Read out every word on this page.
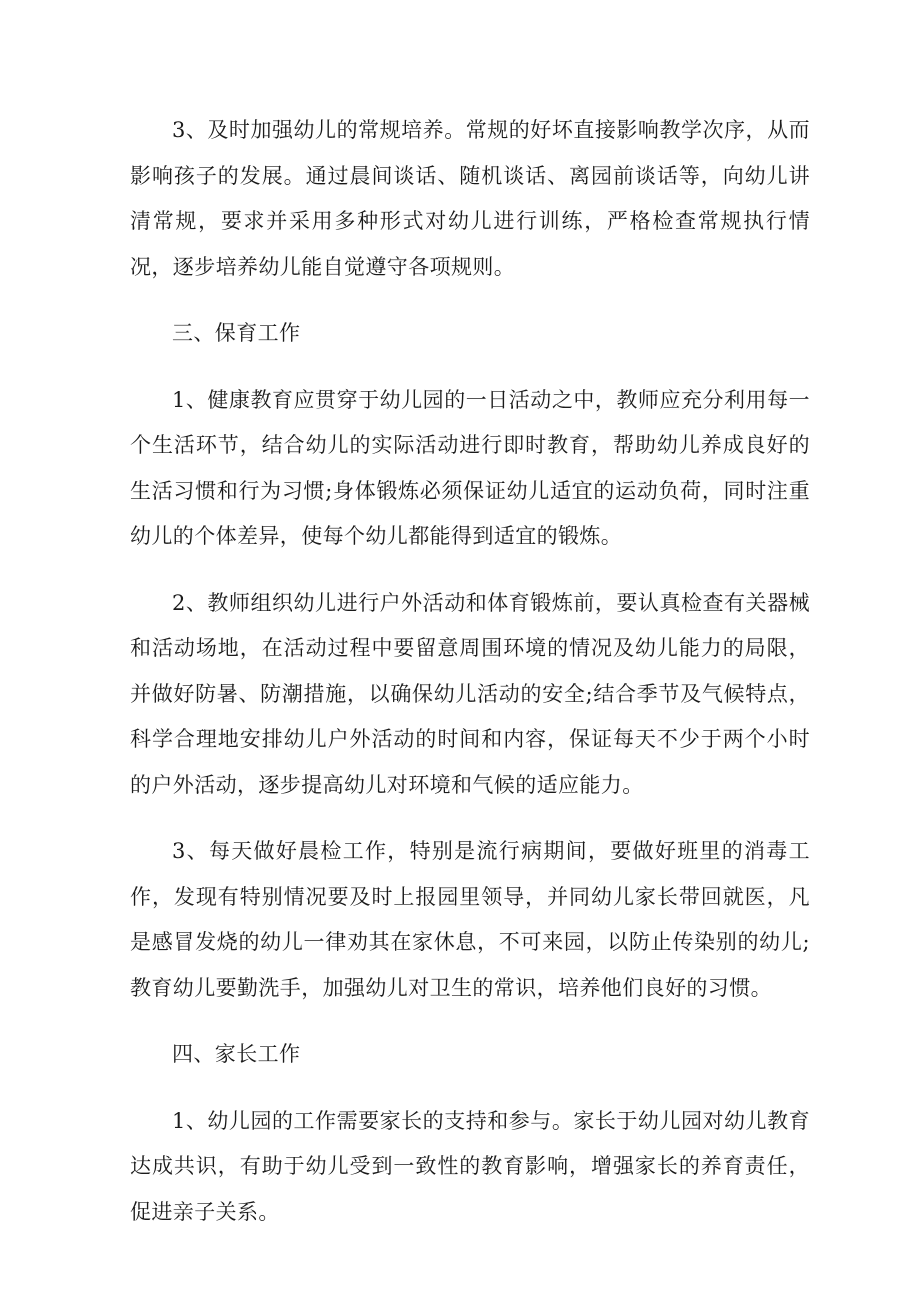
3、及时加强幼儿的常规培养。常规的好坏直接影响教学次序，从而影响孩子的发展。通过晨间谈话、随机谈话、离园前谈话等，向幼儿讲清常规，要求并采用多种形式对幼儿进行训练，严格检查常规执行情况，逐步培养幼儿能自觉遵守各项规则。

三、保育工作

1、健康教育应贯穿于幼儿园的一日活动之中，教师应充分利用每一个生活环节，结合幼儿的实际活动进行即时教育，帮助幼儿养成良好的生活习惯和行为习惯;身体锻炼必须保证幼儿适宜的运动负荷，同时注重幼儿的个体差异，使每个幼儿都能得到适宜的锻炼。

2、教师组织幼儿进行户外活动和体育锻炼前，要认真检查有关器械和活动场地，在活动过程中要留意周围环境的情况及幼儿能力的局限，并做好防暑、防潮措施，以确保幼儿活动的安全;结合季节及气候特点，科学合理地安排幼儿户外活动的时间和内容，保证每天不少于两个小时的户外活动，逐步提高幼儿对环境和气候的适应能力。

3、每天做好晨检工作，特别是流行病期间，要做好班里的消毒工作，发现有特别情况要及时上报园里领导，并同幼儿家长带回就医，凡是感冒发烧的幼儿一律劝其在家休息，不可来园，以防止传染别的幼儿;教育幼儿要勤洗手，加强幼儿对卫生的常识，培养他们良好的习惯。

四、家长工作

1、幼儿园的工作需要家长的支持和参与。家长于幼儿园对幼儿教育达成共识，有助于幼儿受到一致性的教育影响，增强家长的养育责任，促进亲子关系。
